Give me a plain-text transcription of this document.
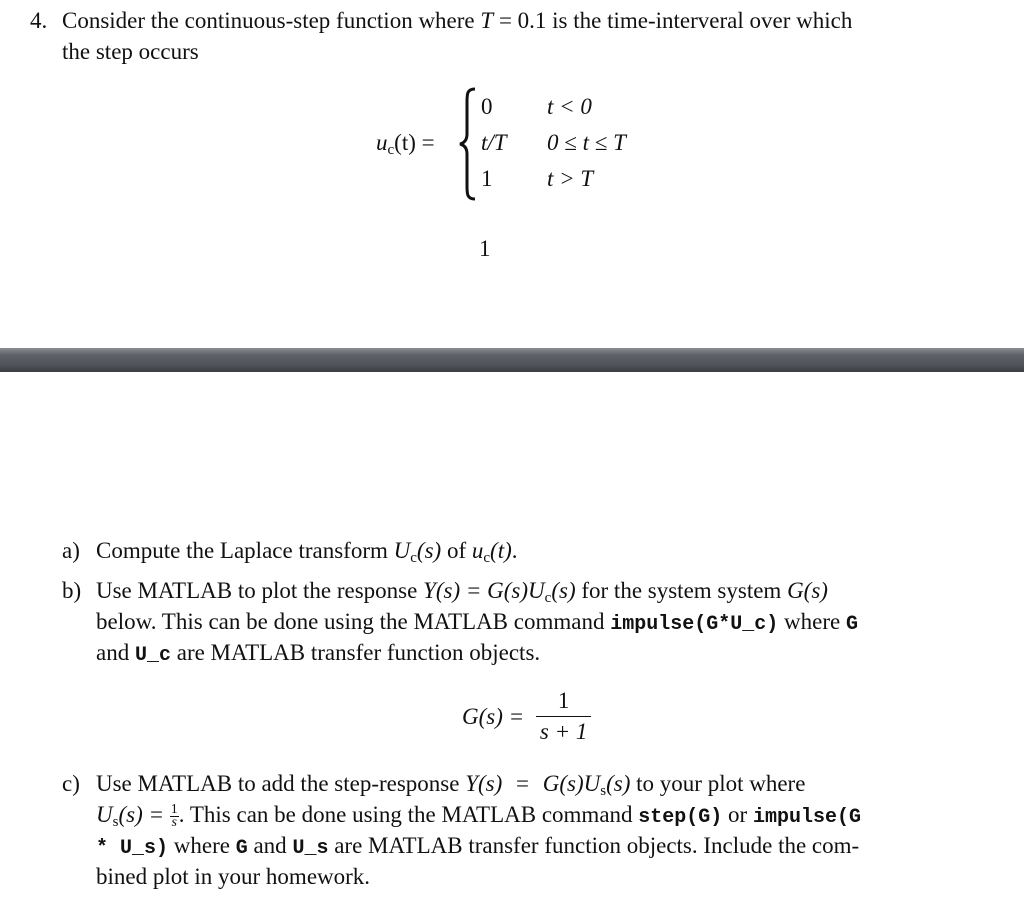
4. Consider the continuous-step function where T = 0.1 is the time-interveral over which
the step occurs
$u_c(t)$ =
0 t < 0
t/T 0 ≤ t ≤ T
1 t > T
1
a) Compute the Laplace transform $U_c(s)$ of $u_c(t)$.
b) Use MATLAB to plot the response $Y(s) = G(s)U_c(s)$ for the system system G(s)
below. This can be done using the MATLAB command impulse(G*U_c) where G
and U_c are MATLAB transfer function objects.
$G(s) = \frac{1}{s + 1}$
c) Use MATLAB to add the step-response $Y(s) = G(s)U_s(s)$ to your plot where
$U_s(s) = \frac{1}{s}$ . This can be done using the MATLAB command step(G) or impulse(G
* U_s) where G and U_s are MATLAB transfer function objects. Include the com-
bined plot in your homework.
